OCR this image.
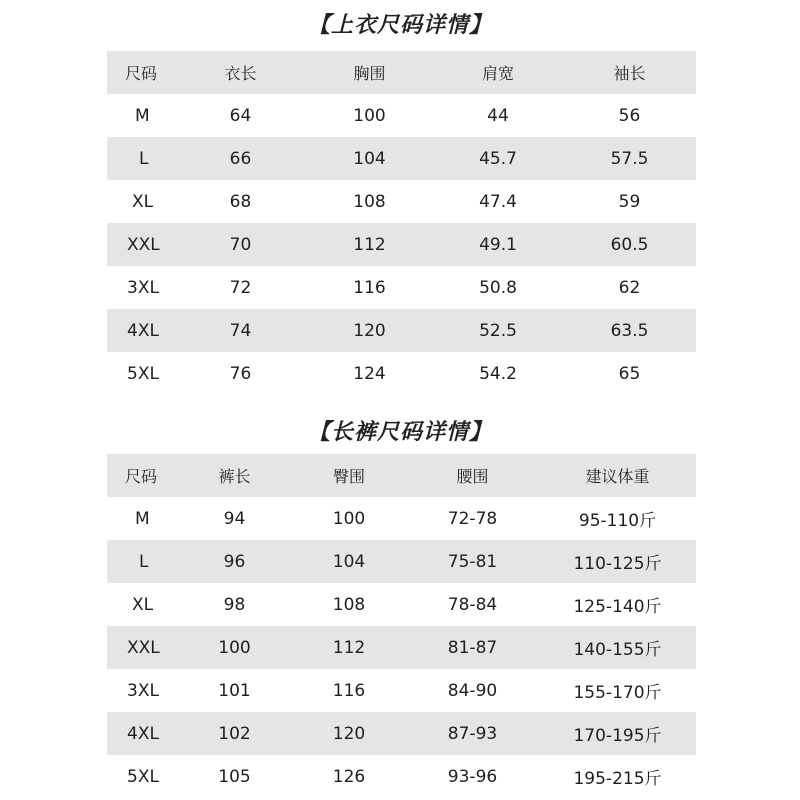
【上衣尺码详情】
尺码	衣长	胸围	肩宽	袖长
M	64	100	44	56
L	66	104	45.7	57.5
XL	68	108	47.4	59
XXL	70	112	49.1	60.5
3XL	72	116	50.8	62
4XL	74	120	52.5	63.5
5XL	76	124	54.2	65
【长裤尺码详情】
尺码	裤长	臀围	腰围	建议体重
M	94	100	72-78	95-110斤
L	96	104	75-81	110-125斤
XL	98	108	78-84	125-140斤
XXL	100	112	81-87	140-155斤
3XL	101	116	84-90	155-170斤
4XL	102	120	87-93	170-195斤
5XL	105	126	93-96	195-215斤
